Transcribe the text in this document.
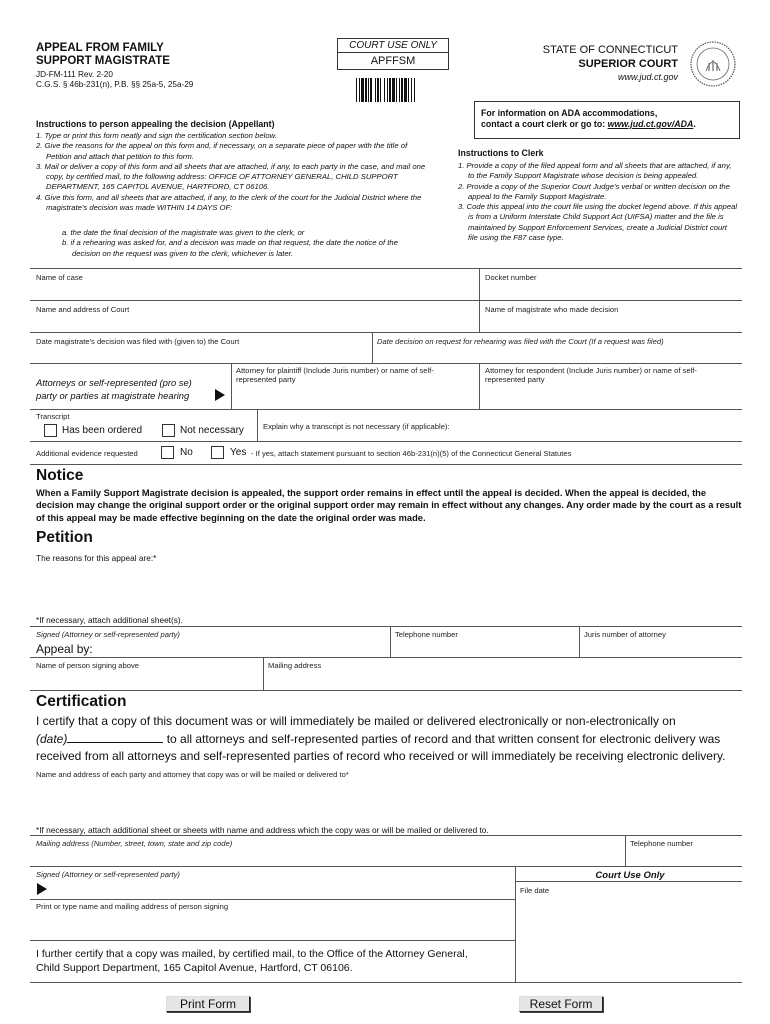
APPEAL FROM FAMILY
SUPPORT MAGISTRATE
JD-FM-111 Rev. 2-20
C.G.S. § 46b-231(n), P.B. §§ 25a-5, 25a-29
COURT USE ONLY
APFFSM
STATE OF CONNECTICUT
SUPERIOR COURT
www.jud.ct.gov
For information on ADA accommodations,
contact a court clerk or go to: www.jud.ct.gov/ADA.
Instructions to person appealing the decision (Appellant)
1. Type or print this form neatly and sign the certification section below.
2. Give the reasons for the appeal on this form and, if necessary, on a separate piece of paper with the title of Petition and attach that petition to this form.
3. Mail or deliver a copy of this form and all sheets that are attached, if any, to each party in the case, and mail one copy, by certified mail, to the following address: OFFICE OF ATTORNEY GENERAL, CHILD SUPPORT DEPARTMENT, 165 CAPITOL AVENUE, HARTFORD, CT 06106.
4. Give this form, and all sheets that are attached, if any, to the clerk of the court for the Judicial District where the magistrate's decision was made WITHIN 14 DAYS OF:
a. the date the final decision of the magistrate was given to the clerk, or
b. if a rehearing was asked for, and a decision was made on that request, the date the notice of the decision on the request was given to the clerk, whichever is later.
Instructions to Clerk
1. Provide a copy of the filed appeal form and all sheets that are attached, if any, to the Family Support Magistrate whose decision is being appealed.
2. Provide a copy of the Superior Court Judge's verbal or written decision on the appeal to the Family Support Magistrate.
3. Code this appeal into the court file using the docket legend above. If this appeal is from a Uniform Interstate Child Support Act (UIFSA) matter and the file is maintained by Support Enforcement Services, create a Judicial District court file using the F87 case type.
Name of case	Docket number
Name and address of Court	Name of magistrate who made decision
Date magistrate's decision was filed with (given to) the Court	Date decision on request for rehearing was filed with the Court (If a request was filed)
Attorneys or self-represented (pro se)
party or parties at magistrate hearing
Attorney for plaintiff (Include Juris number) or name of self-represented party
Attorney for respondent (Include Juris number) or name of self-represented party
Transcript
Has been ordered	Not necessary	Explain why a transcript is not necessary (if applicable):
Additional evidence requested	No	Yes - If yes, attach statement pursuant to section 46b-231(n)(5) of the Connecticut General Statutes
Notice
When a Family Support Magistrate decision is appealed, the support order remains in effect until the appeal is decided. When the appeal is decided, the decision may change the original support order or the original support order may remain in effect without any changes. Any order made by the court as a result of this appeal may be made effective beginning on the date the original order was made.
Petition
The reasons for this appeal are:*
*If necessary, attach additional sheet(s).
Signed (Attorney or self-represented party)
Appeal by:
Telephone number	Juris number of attorney
Name of person signing above	Mailing address
Certification
I certify that a copy of this document was or will immediately be mailed or delivered electronically or non-electronically on
(date)	to all attorneys and self-represented parties of record and that written consent for electronic delivery was
received from all attorneys and self-represented parties of record who received or will immediately be receiving electronic delivery.
Name and address of each party and attorney that copy was or will be mailed or delivered to*
*If necessary, attach additional sheet or sheets with name and address which the copy was or will be mailed or delivered to.
Mailing address (Number, street, town, state and zip code)	Telephone number
Signed (Attorney or self-represented party)
Print or type name and mailing address of person signing
Court Use Only
File date
I further certify that a copy was mailed, by certified mail, to the Office of the Attorney General,
Child Support Department, 165 Capitol Avenue, Hartford, CT 06106.
Print Form	Reset Form
